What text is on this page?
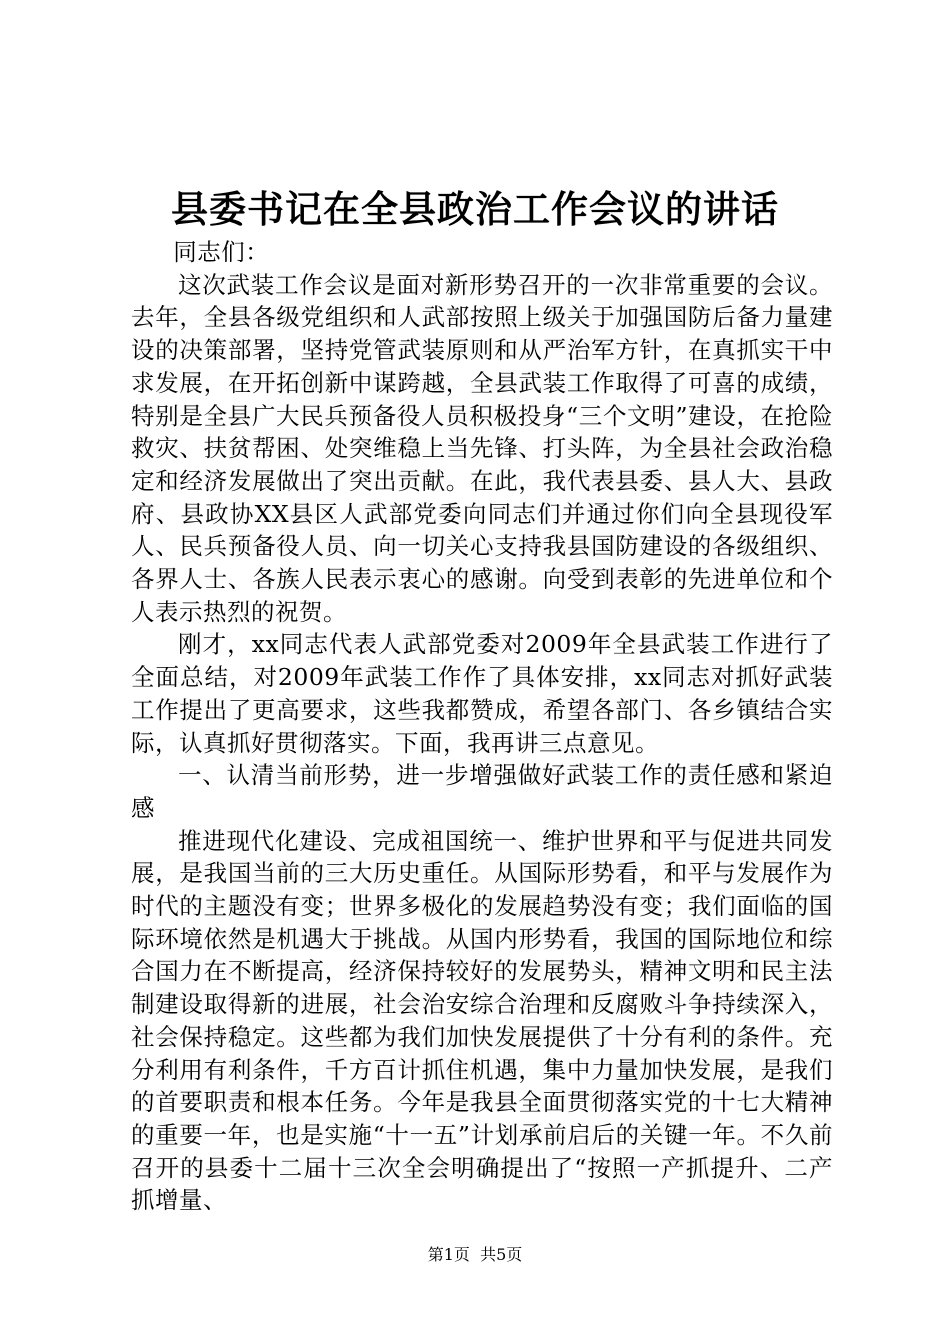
县委书记在全县政治工作会议的讲话

同志们：

这次武装工作会议是面对新形势召开的一次非常重要的会议。去年，全县各级党组织和人武部按照上级关于加强国防后备力量建设的决策部署，坚持党管武装原则和从严治军方针，在真抓实干中求发展，在开拓创新中谋跨越，全县武装工作取得了可喜的成绩，特别是全县广大民兵预备役人员积极投身“三个文明”建设，在抢险救灾、扶贫帮困、处突维稳上当先锋、打头阵，为全县社会政治稳定和经济发展做出了突出贡献。在此，我代表县委、县人大、县政府、县政协XX县区人武部党委向同志们并通过你们向全县现役军人、民兵预备役人员、向一切关心支持我县国防建设的各级组织、各界人士、各族人民表示衷心的感谢。向受到表彰的先进单位和个人表示热烈的祝贺。

刚才，xx同志代表人武部党委对2009年全县武装工作进行了全面总结，对2009年武装工作作了具体安排，xx同志对抓好武装工作提出了更高要求，这些我都赞成，希望各部门、各乡镇结合实际，认真抓好贯彻落实。下面，我再讲三点意见。

一、认清当前形势，进一步增强做好武装工作的责任感和紧迫感

推进现代化建设、完成祖国统一、维护世界和平与促进共同发展，是我国当前的三大历史重任。从国际形势看，和平与发展作为时代的主题没有变；世界多极化的发展趋势没有变；我们面临的国际环境依然是机遇大于挑战。从国内形势看，我国的国际地位和综合国力在不断提高，经济保持较好的发展势头，精神文明和民主法制建设取得新的进展，社会治安综合治理和反腐败斗争持续深入，社会保持稳定。这些都为我们加快发展提供了十分有利的条件。充分利用有利条件，千方百计抓住机遇，集中力量加快发展，是我们的首要职责和根本任务。今年是我县全面贯彻落实党的十七大精神的重要一年，也是实施“十一五”计划承前启后的关键一年。不久前召开的县委十二届十三次全会明确提出了“按照一产抓提升、二产抓增量、

第1页  共5页
